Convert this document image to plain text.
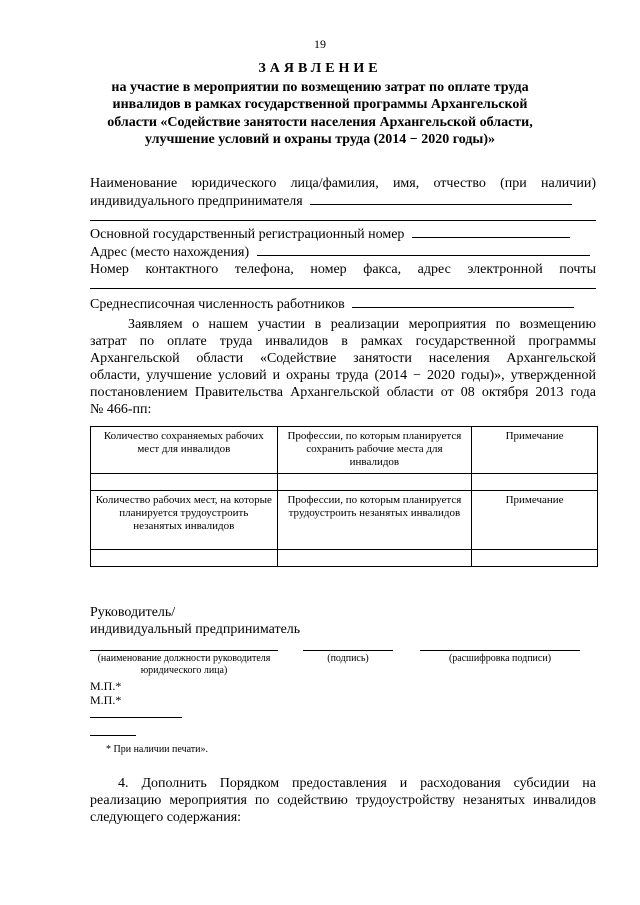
19
ЗАЯВЛЕНИЕ
на участие в мероприятии по возмещению затрат по оплате труда
инвалидов в рамках государственной программы Архангельской
области «Содействие занятости населения Архангельской области,
улучшение условий и охраны труда (2014 − 2020 годы)»
Наименование юридического лица/фамилия, имя, отчество (при наличии)
индивидуального предпринимателя
Основной государственный регистрационный номер
Адрес (место нахождения)
Номер контактного телефона, номер факса, адрес электронной почты
Среднесписочная численность работников
Заявляем о нашем участии в реализации мероприятия по возмещению
затрат по оплате труда инвалидов в рамках государственной программы
Архангельской области «Содействие занятости населения Архангельской
области, улучшение условий и охраны труда (2014 − 2020 годы)», утвержденной
постановлением Правительства Архангельской области от 08 октября 2013 года
№ 466-пп:
Количество сохраняемых рабочих мест для инвалидов	Профессии, по которым планируется сохранить рабочие места для инвалидов	Примечание

Количество рабочих мест, на которые планируется трудоустроить незанятых инвалидов	Профессии, по которым планируется трудоустроить незанятых инвалидов	Примечание

Руководитель/
индивидуальный предприниматель
(наименование должности руководителя
юридического лица)
(подпись)	(расшифровка подписи)
М.П.*
М.П.*
* При наличии печати».
4. Дополнить Порядком предоставления и расходования субсидии на реализацию мероприятия по содействию трудоустройству незанятых инвалидов следующего содержания:
